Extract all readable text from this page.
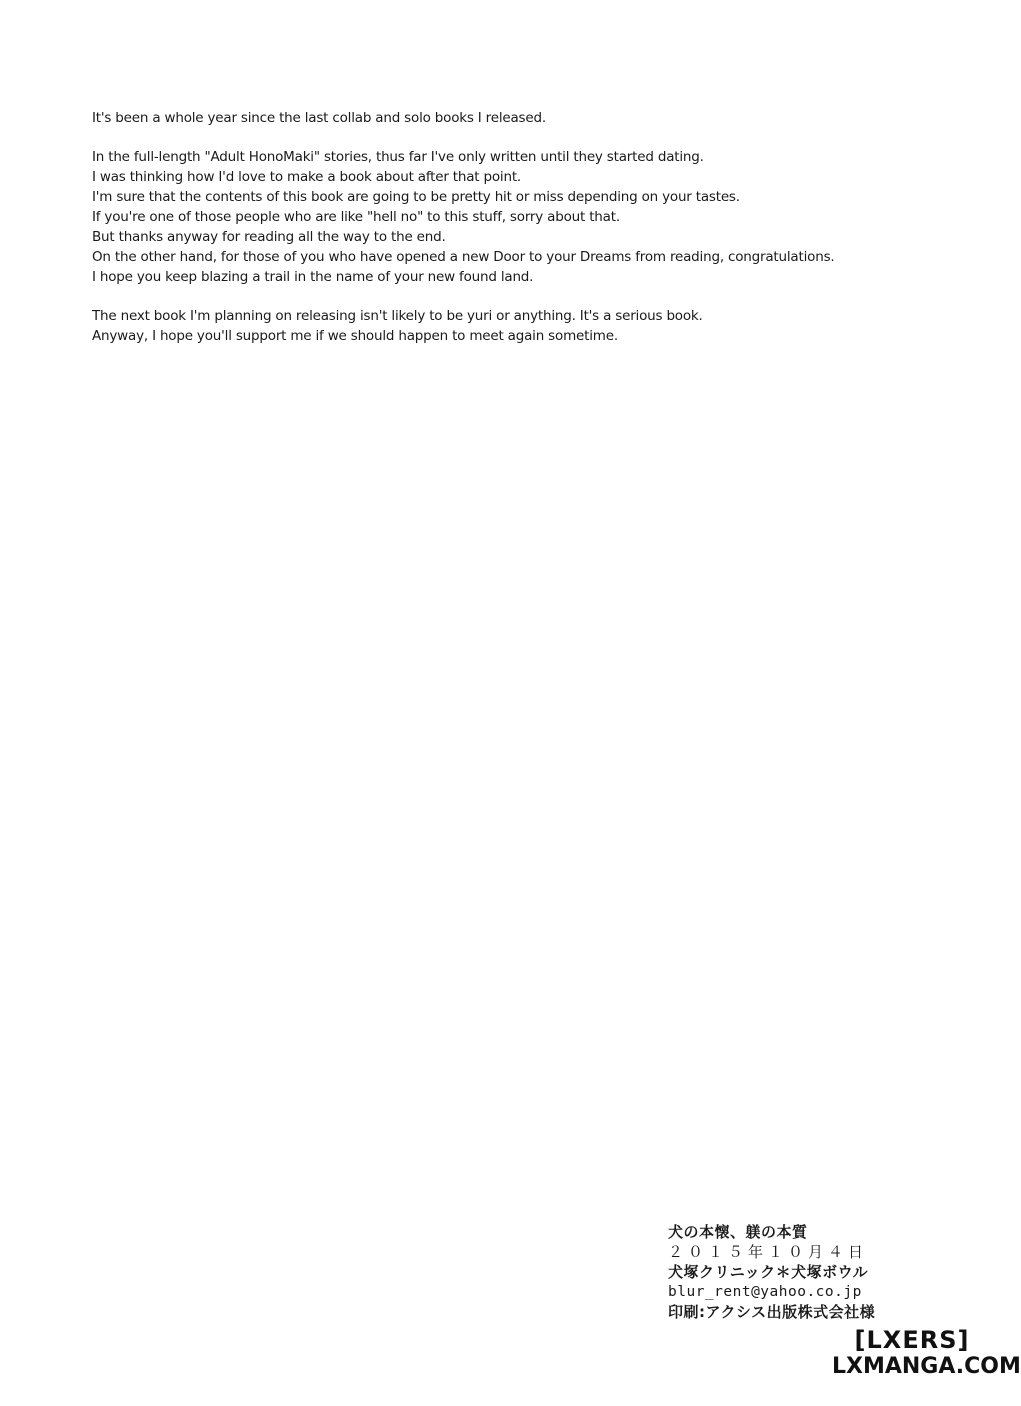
It's been a whole year since the last collab and solo books I released.
In the full-length "Adult HonoMaki" stories, thus far I've only written until they started dating.
I was thinking how I'd love to make a book about after that point.
I'm sure that the contents of this book are going to be pretty hit or miss depending on your tastes.
If you're one of those people who are like "hell no" to this stuff, sorry about that.
But thanks anyway for reading all the way to the end.
On the other hand, for those of you who have opened a new Door to your Dreams from reading, congratulations.
I hope you keep blazing a trail in the name of your new found land.
The next book I'm planning on releasing isn't likely to be yuri or anything. It's a serious book.
Anyway, I hope you'll support me if we should happen to meet again sometime.
犬の本懐、躾の本質
２０１５年１０月４日
犬塚クリニック＊犬塚ボウル
blur_rent@yahoo.co.jp
印刷:アクシス出版株式会社様
[LXERS]
LXMANGA.COM
